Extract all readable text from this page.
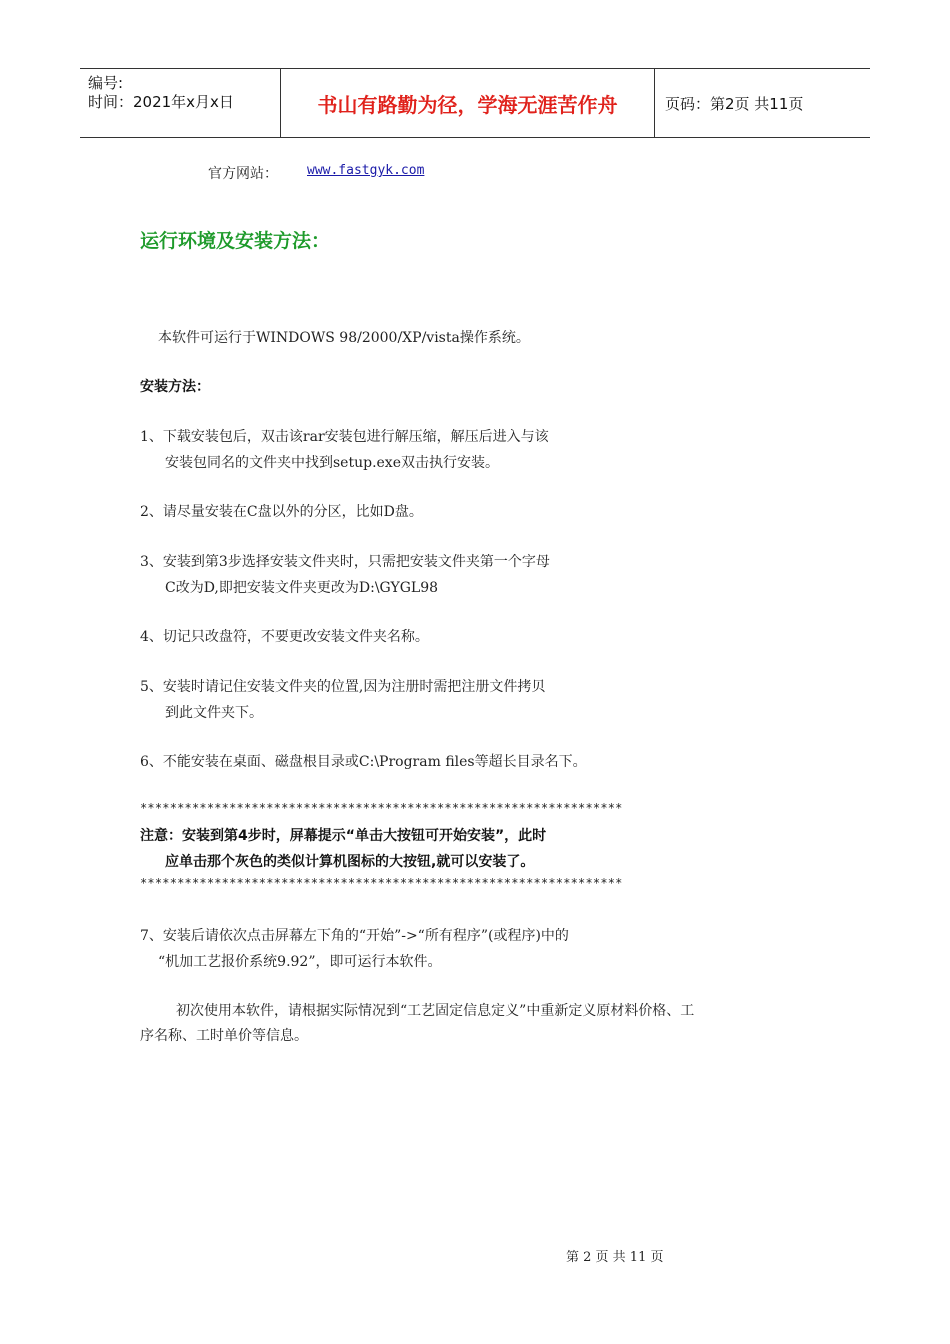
编号:
时间：2021年x月x日	书山有路勤为径，学海无涯苦作舟	页码：第2页 共11页
官方网站： www.fastgyk.com
运行环境及安装方法：
本软件可运行于WINDOWS 98/2000/XP/vista操作系统。
安装方法：
1、下载安装包后，双击该rar安装包进行解压缩，解压后进入与该
安装包同名的文件夹中找到setup.exe双击执行安装。
2、请尽量安装在C盘以外的分区，比如D盘。
3、安装到第3步选择安装文件夹时，只需把安装文件夹第一个字母
C改为D,即把安装文件夹更改为D:\GYGL98
4、切记只改盘符，不要更改安装文件夹名称。
5、安装时请记住安装文件夹的位置,因为注册时需把注册文件拷贝
到此文件夹下。
6、不能安装在桌面、磁盘根目录或C:\Program files等超长目录名下。
*****************************************************************
注意：安装到第4步时，屏幕提示“单击大按钮可开始安装”，此时
应单击那个灰色的类似计算机图标的大按钮,就可以安装了。
*****************************************************************
7、安装后请依次点击屏幕左下角的“开始”->“所有程序”(或程序)中的
“机加工艺报价系统9.92”，即可运行本软件。
初次使用本软件，请根据实际情况到“工艺固定信息定义”中重新定义原材料价格、工
序名称、工时单价等信息。
第 2 页 共 11 页
